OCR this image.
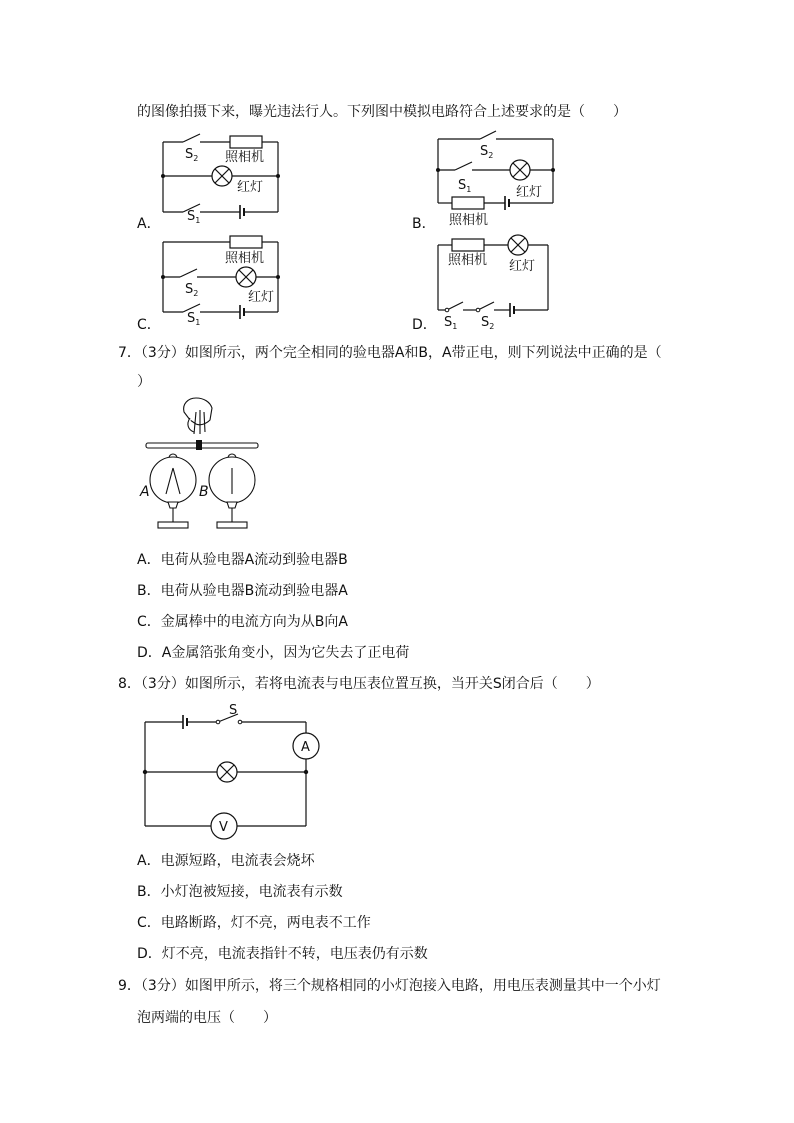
的图像拍摄下来，曝光违法行人。下列图中模拟电路符合上述要求的是（　　）
A．
$S_2$ 照相机
红灯
$S_1$	B．
$S_2$
$S_1$	红灯
照相机
C．
照相机
$S_2$	红灯
$S_1$	D．
照相机 红灯
$S_1$ $S_2$
7．（3分）如图所示，两个完全相同的验电器A和B，A带正电，则下列说法中正确的是（
）
A	B
A．电荷从验电器A流动到验电器B
B．电荷从验电器B流动到验电器A
C．金属棒中的电流方向为从B向A
D．A金属箔张角变小，因为它失去了正电荷
8．（3分）如图所示，若将电流表与电压表位置互换，当开关S闭合后（　　）
S
A
V
A．电源短路，电流表会烧坏
B．小灯泡被短接，电流表有示数
C．电路断路，灯不亮，两电表不工作
D．灯不亮，电流表指针不转，电压表仍有示数
9．（3分）如图甲所示，将三个规格相同的小灯泡接入电路，用电压表测量其中一个小灯
泡两端的电压（　　）
